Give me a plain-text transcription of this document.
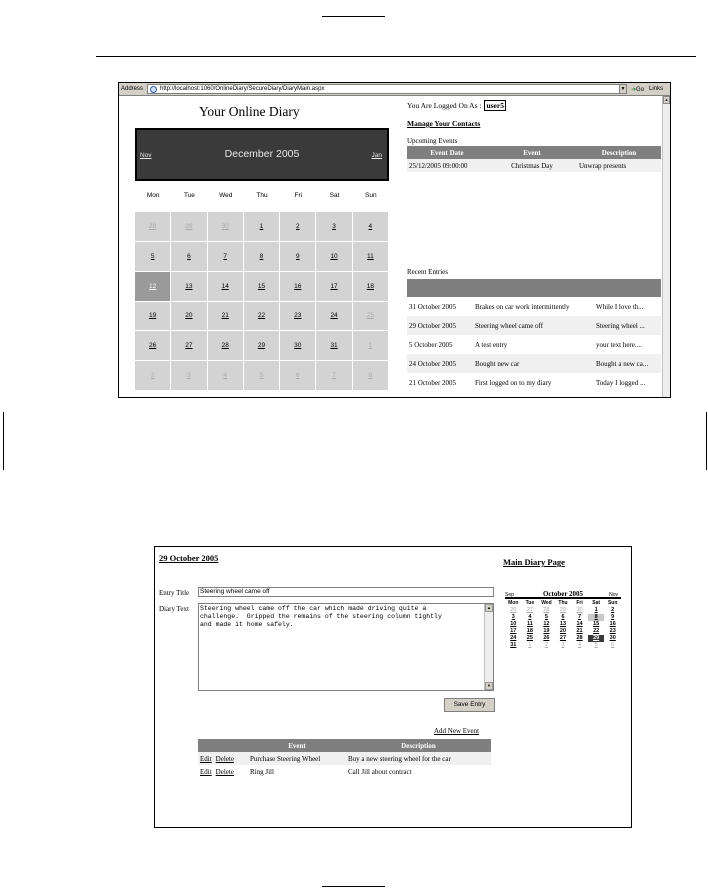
Address	http://localhost:1060/OnlineDiary/SecureDiary/DiaryMain.aspx	▼ ➜Go Links
▲
Your Online Diary
Nov	December 2005	Jan
Mon	Tue	Wed	Thu	Fri	Sat	Sun
28	29	30	1	2	3	4
5	6	7	8	9	10	11
12	13	14	15	16	17	18
19	20	21	22	23	24	25
26	27	28	29	30	31	1
2	3	4	5	6	7	8
You Are Logged On As : user5
Manage Your Contacts
Upcoming Events
Event Date	Event	Description
25/12/2005 09:00:00	Christmas Day	Unwrap presents
Recent Entries
31 October 2005	Brakes on car work intermittently	While I love th...
29 October 2005	Steering wheel came off	Steering wheel ...
5 October 2005	A test entry	your text here....
24 October 2005	Bought new car	Bought a new ca...
21 October 2005	First logged on to my diary	Today I logged ...
29 October 2005	Main Diary Page
Entry Title	Steering wheel came off
Diary Text	Steering wheel came off the car which made driving quite a
challenge.  Gripped the remains of the steering column tightly
and made it home safely.
▲
▼
Save Entry
Add New Event
	Event	Description
Edit Delete	Purchase Steering Wheel	Buy a new steering wheel for the car
Edit Delete	Ring Jill	Call Jill about contract
Sep	October 2005	Nov
Mon	Tue	Wed	Thu	Fri	Sat	Sun
26	27	28	29	30	1	2
3	4	5	6	7	8	9
10	11	12	13	14	15	16
17	18	19	20	21	22	23
24	25	26	27	28	29	30
31	1	2	3	4	5	6
